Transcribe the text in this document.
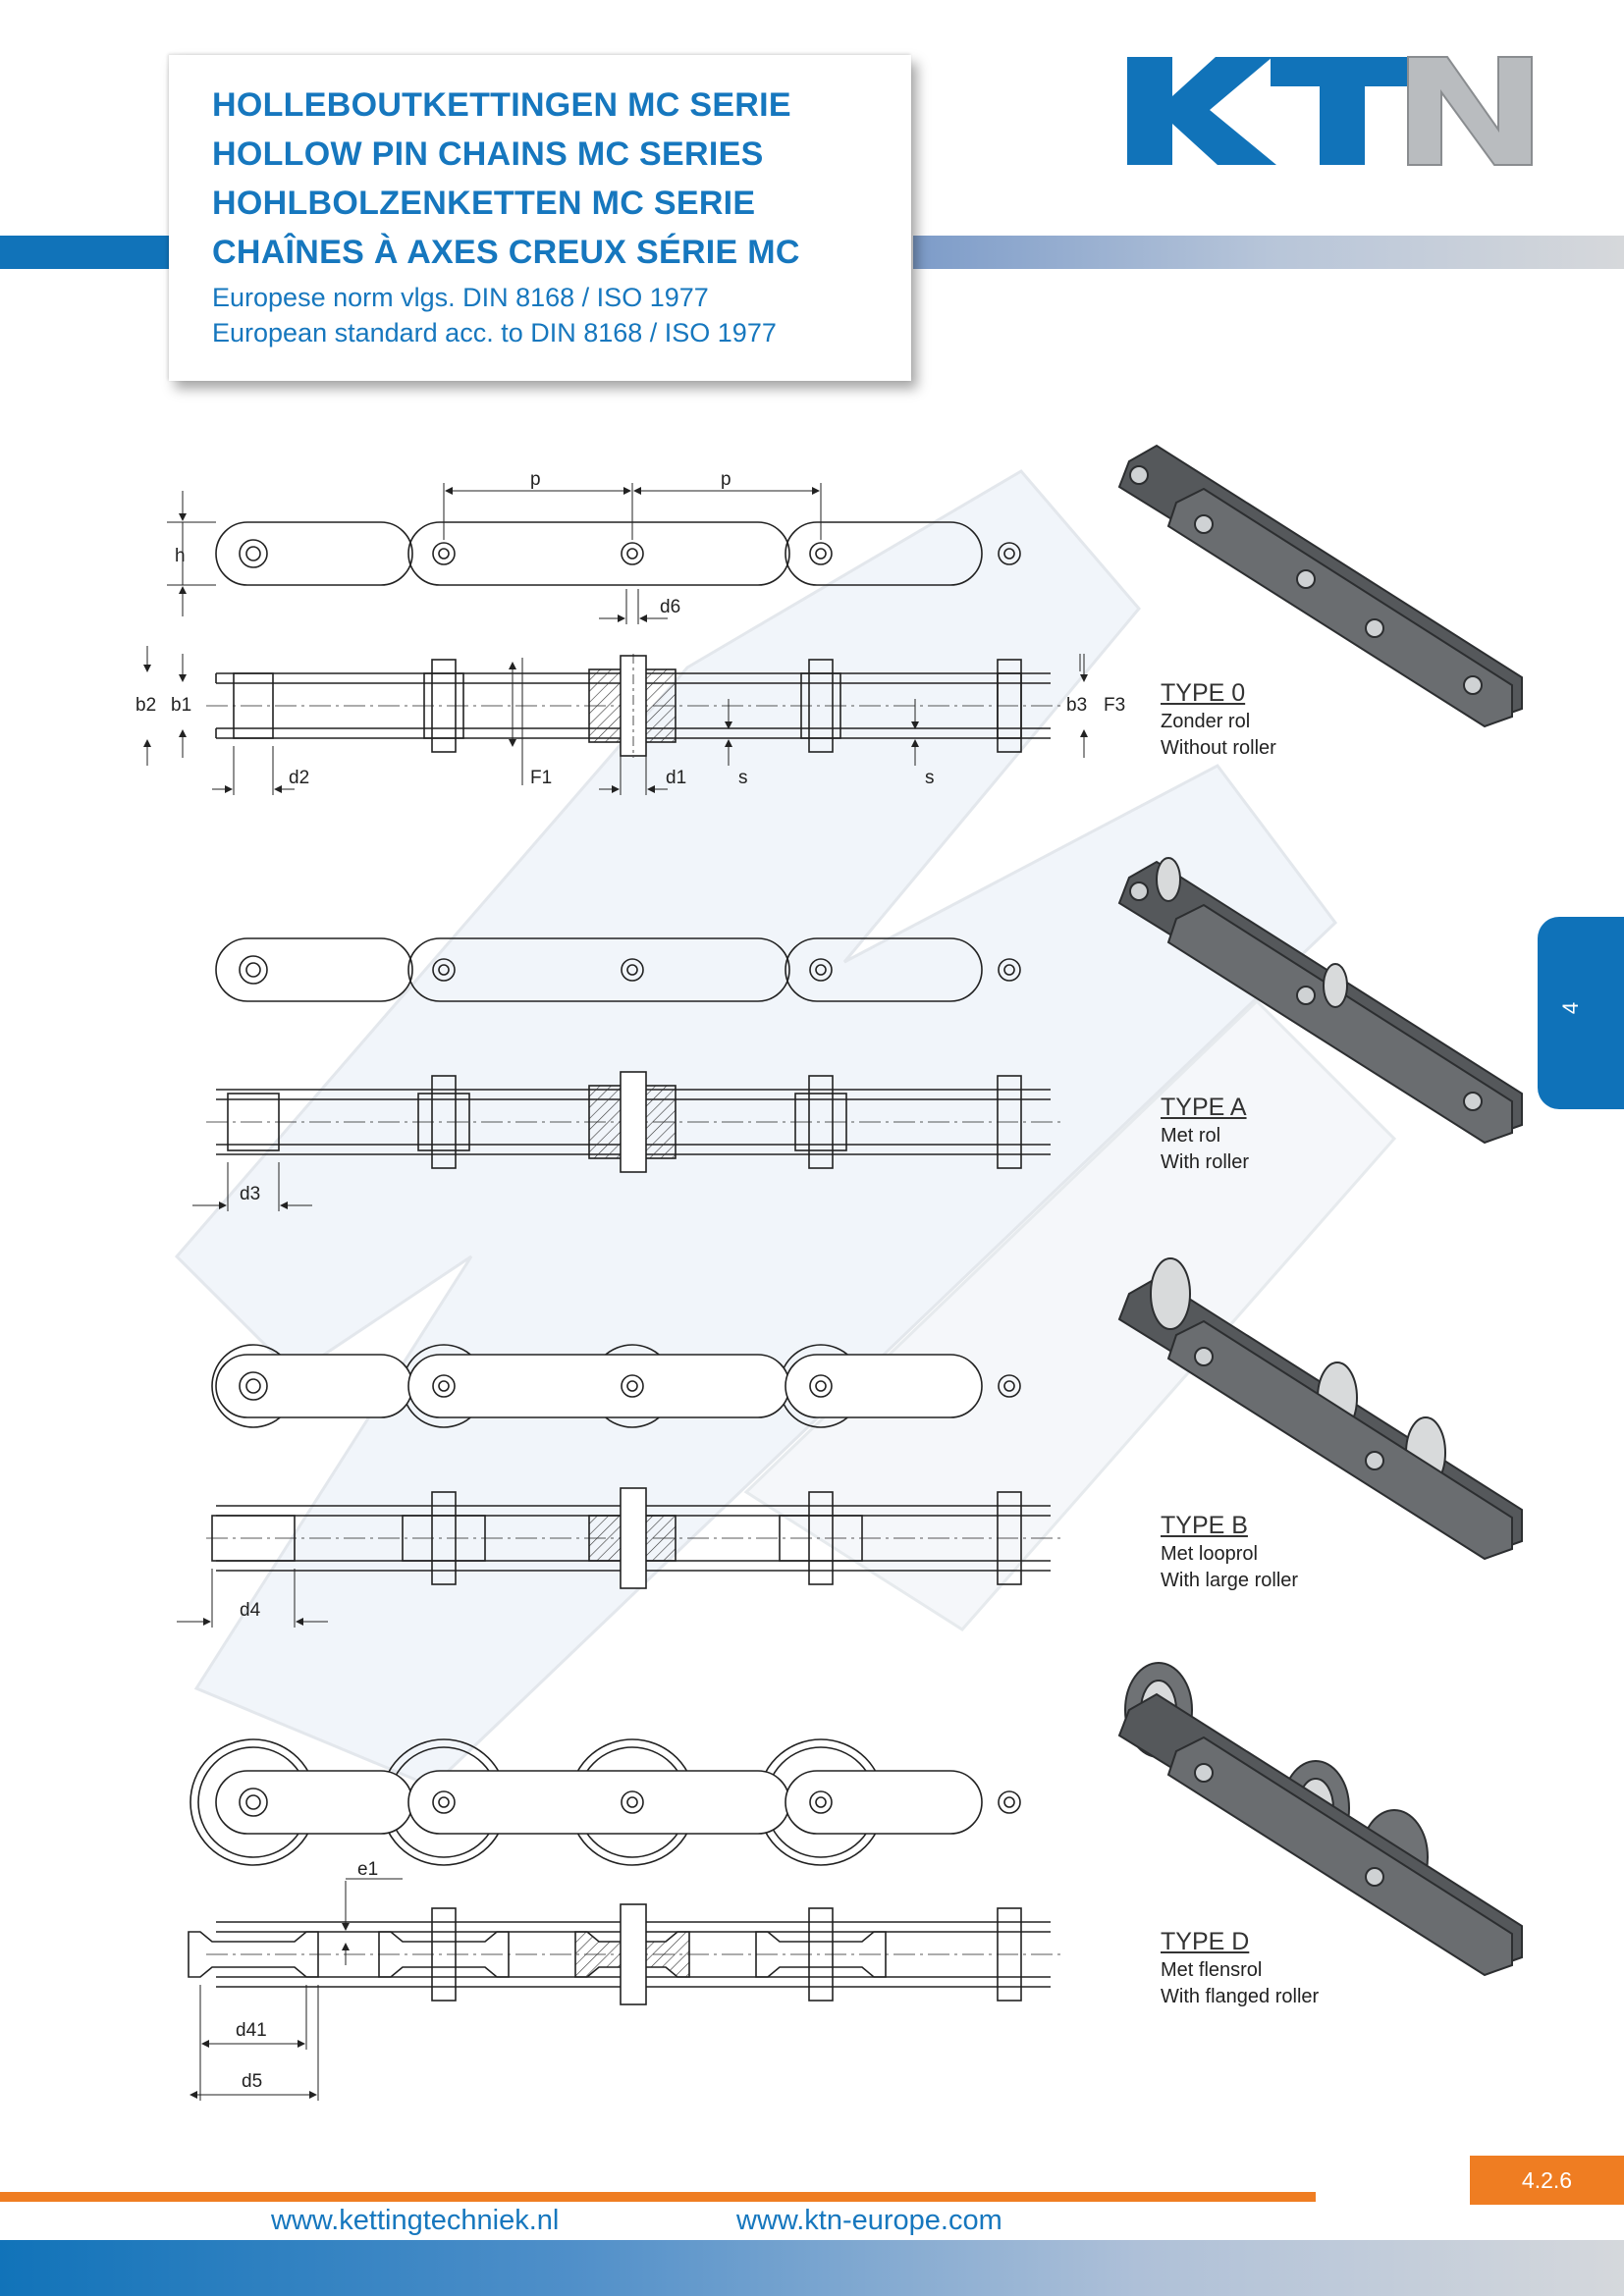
HOLLEBOUTKETTINGEN MC SERIE
HOLLOW PIN CHAINS MC SERIES
HOHLBOLZENKETTEN MC SERIE
CHAÎNES À AXES CREUX SÉRIE MC
Europese norm vlgs. DIN 8168 / ISO 1977
European standard acc. to DIN 8168 / ISO 1977
4
p	p
h
d6
b2 b1	b3 F3
d2	F1	d1	s	s
d3
d4
e1
d41
d5
TYPE 0
Zonder rol
Without roller
TYPE A
Met rol
With roller
TYPE B
Met looprol
With large roller
TYPE D
Met flensrol
With flanged roller
4.2.6
www.kettingtechniek.nl	www.ktn-europe.com
